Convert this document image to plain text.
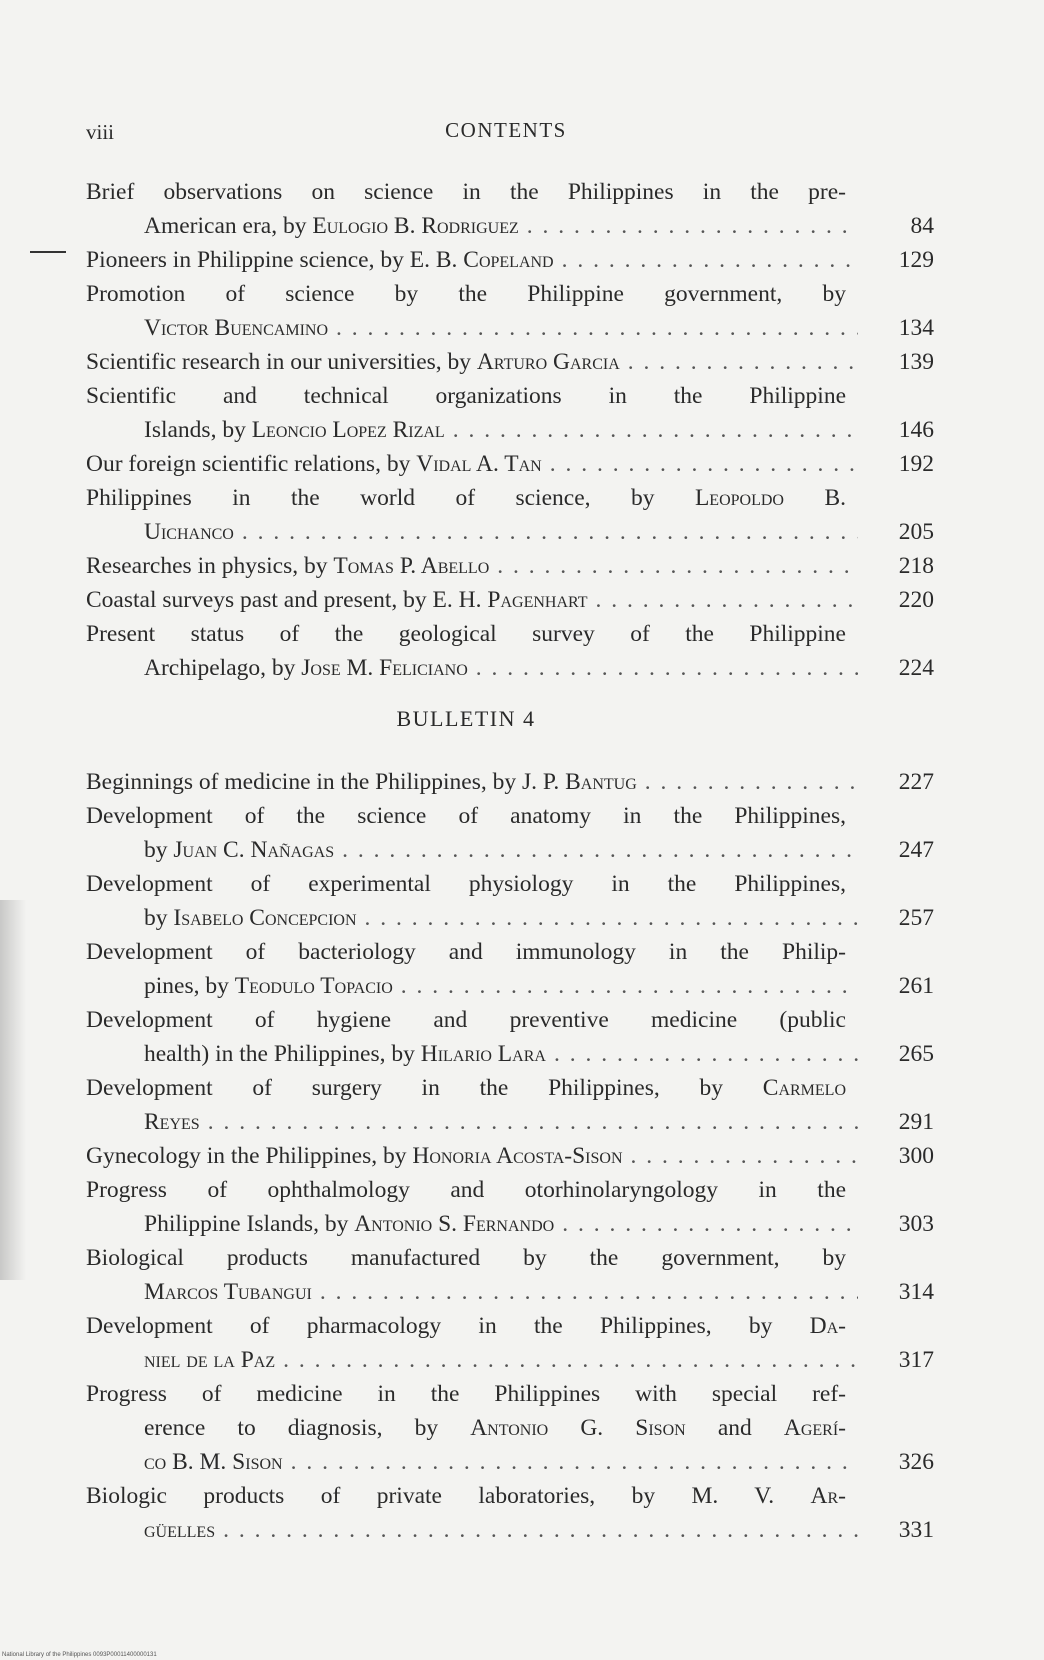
viii	CONTENTS
Brief observations on science in the Philippines in the pre-
American era, by Eulogio B. Rodriguez . . .	84
Pioneers in Philippine science, by E. B. Copeland . . .	129
Promotion of science by the Philippine government, by
Victor Buencamino . . .	134
Scientific research in our universities, by Arturo Garcia . . .	139
Scientific and technical organizations in the Philippine
Islands, by Leoncio Lopez Rizal . . .	146
Our foreign scientific relations, by Vidal A. Tan . . .	192
Philippines in the world of science, by Leopoldo B.
Uichanco . . .	205
Researches in physics, by Tomas P. Abello . . .	218
Coastal surveys past and present, by E. H. Pagenhart . . .	220
Present status of the geological survey of the Philippine
Archipelago, by Jose M. Feliciano . . .	224
BULLETIN 4
Beginnings of medicine in the Philippines, by J. P. Bantug . . .	227
Development of the science of anatomy in the Philippines,
by Juan C. Nañagas . . .	247
Development of experimental physiology in the Philippines,
by Isabelo Concepcion . . .	257
Development of bacteriology and immunology in the Philip-
pines, by Teodulo Topacio . . .	261
Development of hygiene and preventive medicine (public
health) in the Philippines, by Hilario Lara . . .	265
Development of surgery in the Philippines, by Carmelo
Reyes . . .	291
Gynecology in the Philippines, by Honoria Acosta-Sison . . .	300
Progress of ophthalmology and otorhinolaryngology in the
Philippine Islands, by Antonio S. Fernando . . .	303
Biological products manufactured by the government, by
Marcos Tubangui . . .	314
Development of pharmacology in the Philippines, by Da-
niel de la Paz . . .	317
Progress of medicine in the Philippines with special ref-
erence to diagnosis, by Antonio G. Sison and Agerí-
co B. M. Sison . . .	326
Biologic products of private laboratories, by M. V. Ar-
güelles . . .	331
National Library of the Philippines 0093P00011400000131
